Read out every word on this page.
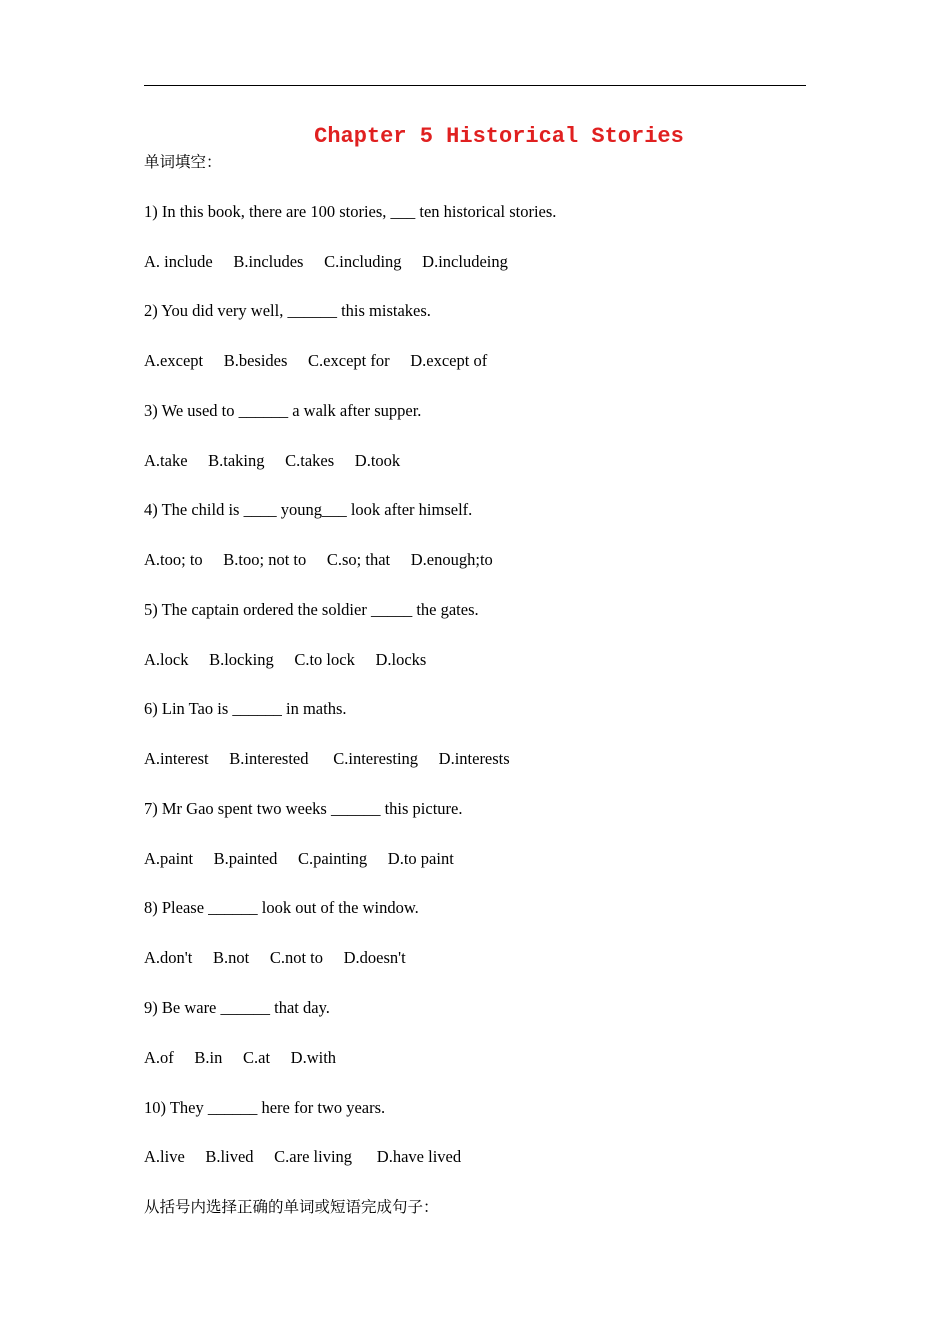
Chapter 5 Historical Stories
单词填空：
1) In this book, there are 100 stories, ___ ten historical stories.
A. include     B.includes     C.including     D.includeing
2) You did very well, ______ this mistakes.
A.except     B.besides     C.except for     D.except of
3) We used to ______ a walk after supper.
A.take     B.taking     C.takes     D.took
4) The child is ____ young___ look after himself.
A.too; to     B.too; not to     C.so; that     D.enough;to
5) The captain ordered the soldier _____ the gates.
A.lock     B.locking     C.to lock     D.locks
6) Lin Tao is ______ in maths.
A.interest     B.interested      C.interesting     D.interests
7) Mr Gao spent two weeks ______ this picture.
A.paint     B.painted     C.painting     D.to paint
8) Please ______ look out of the window.
A.don't     B.not     C.not to     D.doesn't
9) Be ware ______ that day.
A.of     B.in     C.at     D.with
10) They ______ here for two years.
A.live     B.lived     C.are living      D.have lived
从括号内选择正确的单词或短语完成句子：
